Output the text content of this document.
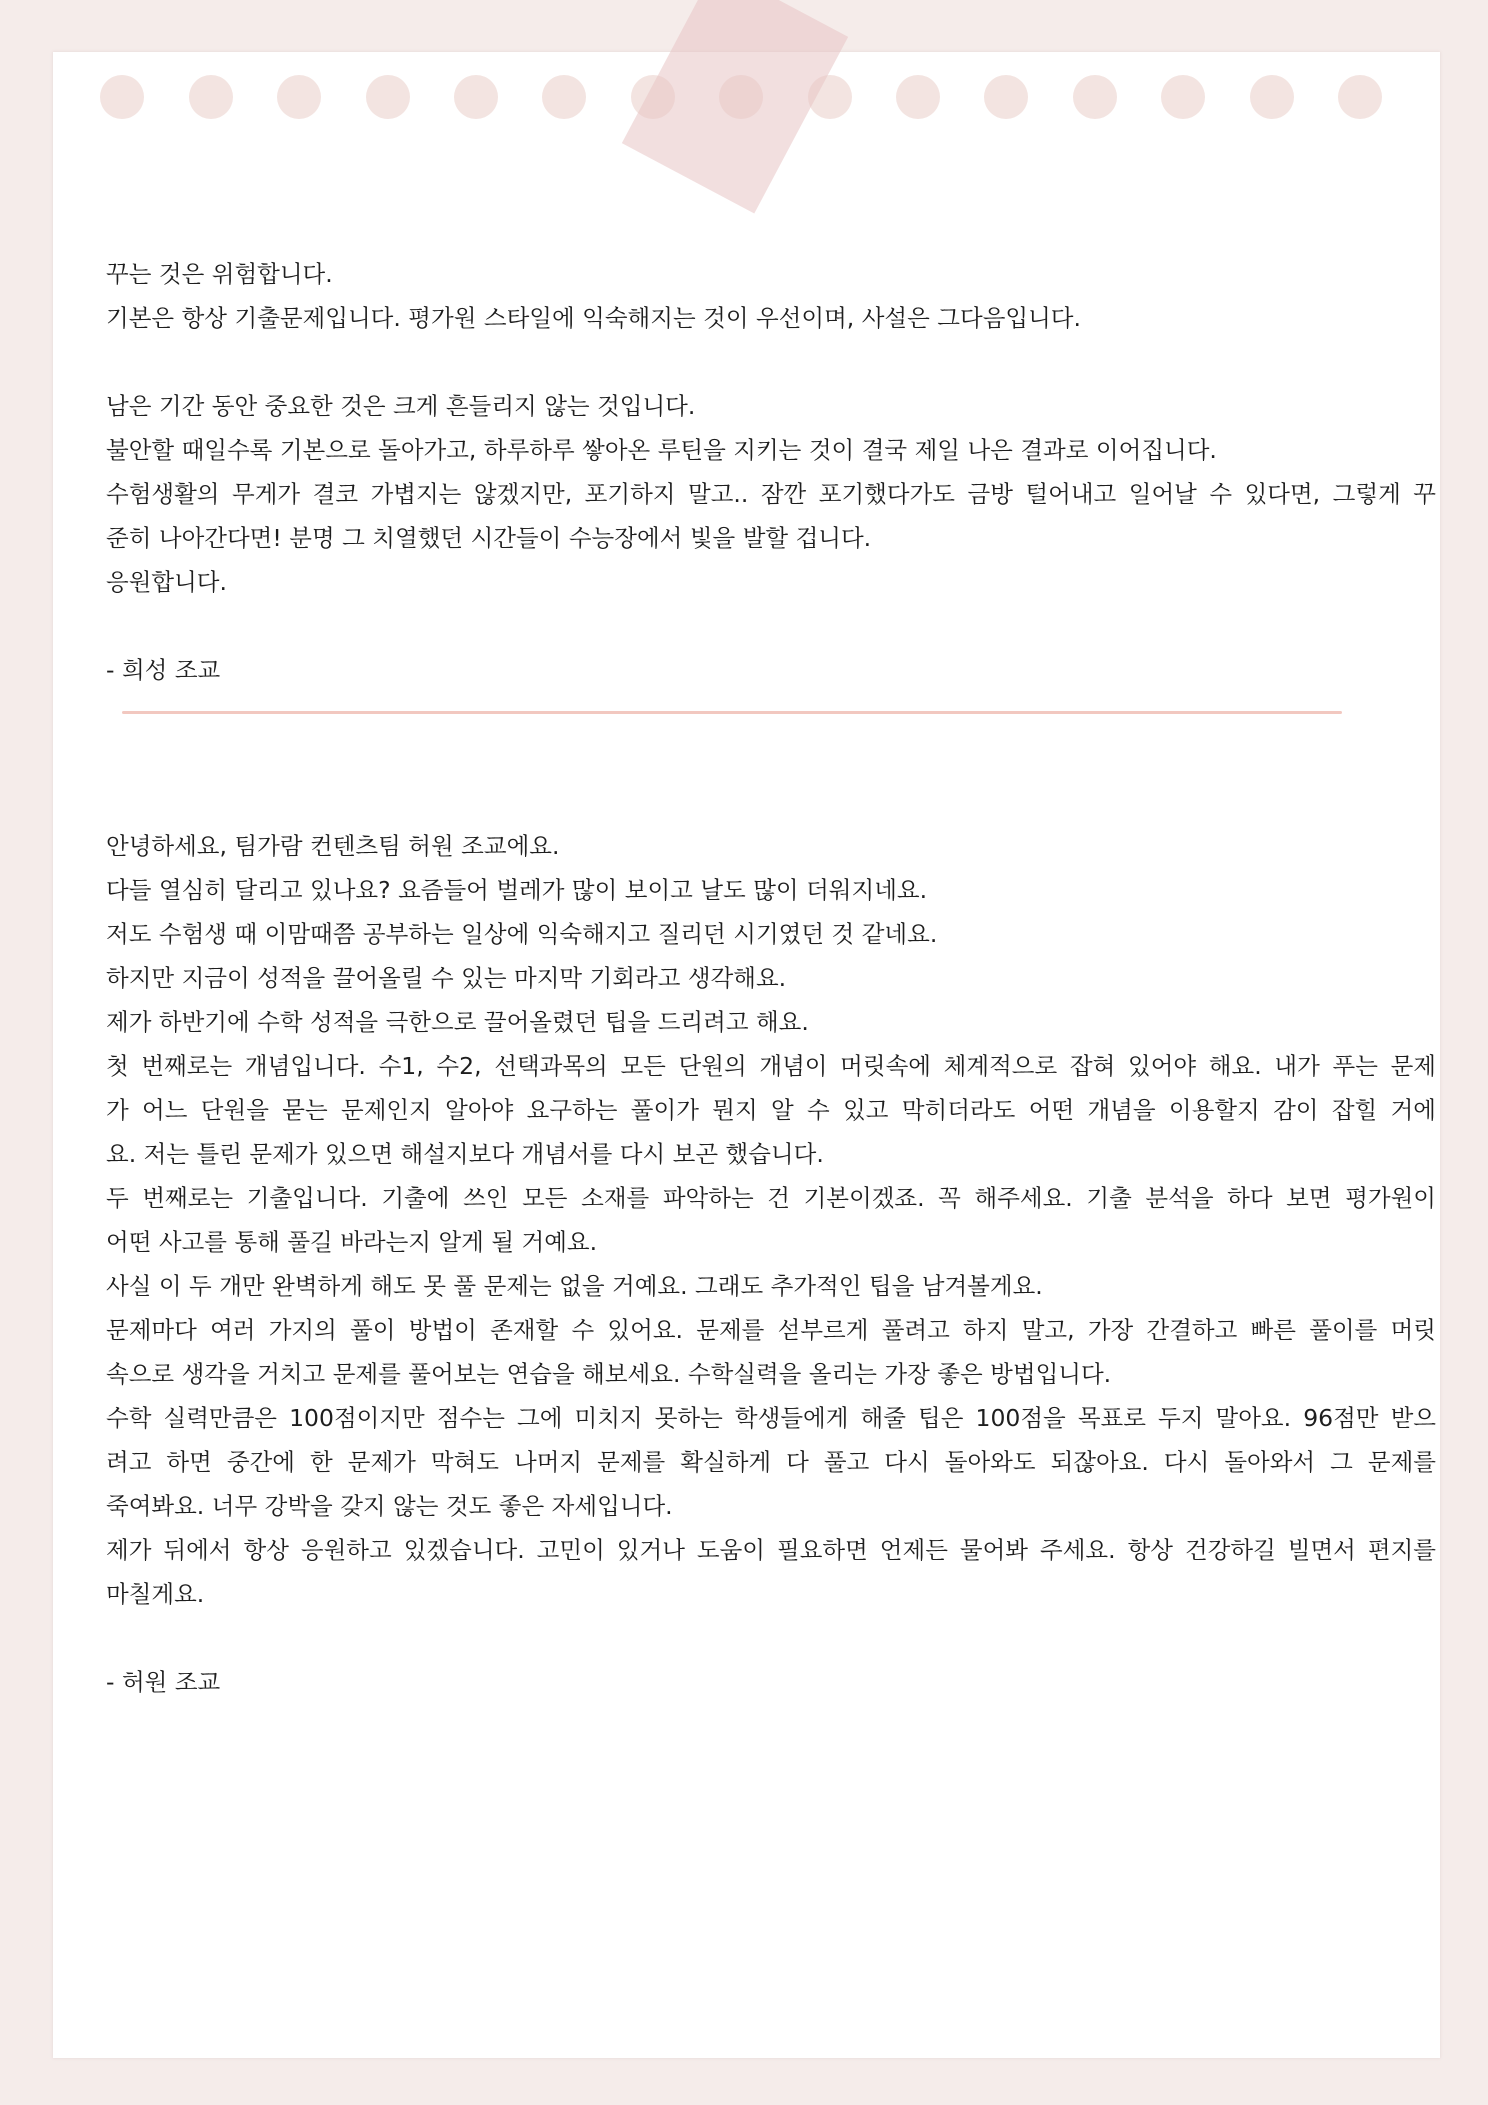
꾸는 것은 위험합니다.
기본은 항상 기출문제입니다. 평가원 스타일에 익숙해지는 것이 우선이며, 사설은 그다음입니다.
남은 기간 동안 중요한 것은 크게 흔들리지 않는 것입니다.
불안할 때일수록 기본으로 돌아가고, 하루하루 쌓아온 루틴을 지키는 것이 결국 제일 나은 결과로 이어집니다.
수험생활의 무게가 결코 가볍지는 않겠지만, 포기하지 말고.. 잠깐 포기했다가도 금방 털어내고 일어날 수 있다면, 그렇게 꾸
준히 나아간다면! 분명 그 치열했던 시간들이 수능장에서 빛을 발할 겁니다.
응원합니다.
- 희성 조교
안녕하세요, 팀가람 컨텐츠팀 허원 조교에요.
다들 열심히 달리고 있나요? 요즘들어 벌레가 많이 보이고 날도 많이 더워지네요.
저도 수험생 때 이맘때쯤 공부하는 일상에 익숙해지고 질리던 시기였던 것 같네요.
하지만 지금이 성적을 끌어올릴 수 있는 마지막 기회라고 생각해요.
제가 하반기에 수학 성적을 극한으로 끌어올렸던 팁을 드리려고 해요.
첫 번째로는 개념입니다. 수1, 수2, 선택과목의 모든 단원의 개념이 머릿속에 체계적으로 잡혀 있어야 해요. 내가 푸는 문제
가 어느 단원을 묻는 문제인지 알아야 요구하는 풀이가 뭔지 알 수 있고 막히더라도 어떤 개념을 이용할지 감이 잡힐 거에
요. 저는 틀린 문제가 있으면 해설지보다 개념서를 다시 보곤 했습니다.
두 번째로는 기출입니다. 기출에 쓰인 모든 소재를 파악하는 건 기본이겠죠. 꼭 해주세요. 기출 분석을 하다 보면 평가원이
어떤 사고를 통해 풀길 바라는지 알게 될 거예요.
사실 이 두 개만 완벽하게 해도 못 풀 문제는 없을 거예요. 그래도 추가적인 팁을 남겨볼게요.
문제마다 여러 가지의 풀이 방법이 존재할 수 있어요. 문제를 섣부르게 풀려고 하지 말고, 가장 간결하고 빠른 풀이를 머릿
속으로 생각을 거치고 문제를 풀어보는 연습을 해보세요. 수학실력을 올리는 가장 좋은 방법입니다.
수학 실력만큼은 100점이지만 점수는 그에 미치지 못하는 학생들에게 해줄 팁은 100점을 목표로 두지 말아요. 96점만 받으
려고 하면 중간에 한 문제가 막혀도 나머지 문제를 확실하게 다 풀고 다시 돌아와도 되잖아요. 다시 돌아와서 그 문제를
죽여봐요. 너무 강박을 갖지 않는 것도 좋은 자세입니다.
제가 뒤에서 항상 응원하고 있겠습니다. 고민이 있거나 도움이 필요하면 언제든 물어봐 주세요. 항상 건강하길 빌면서 편지를
마칠게요.
- 허원 조교
